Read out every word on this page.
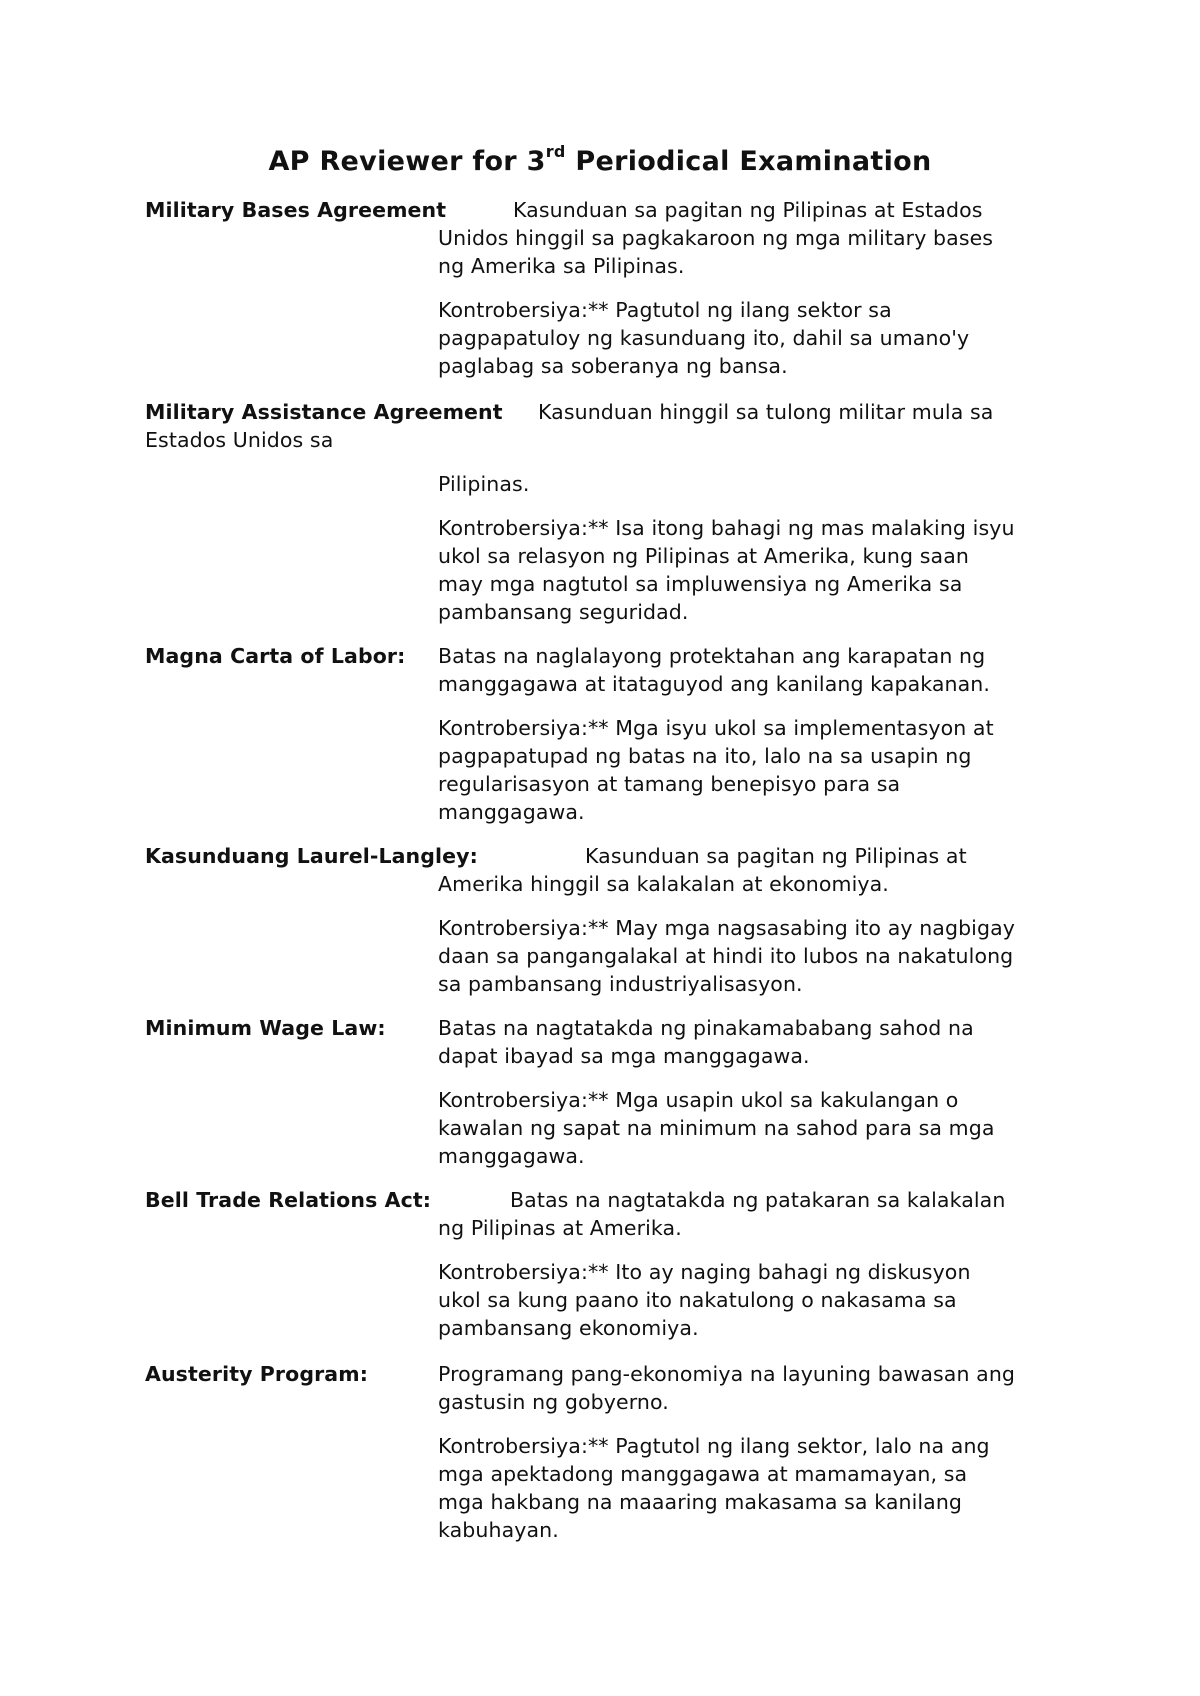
AP Reviewer for 3rd Periodical Examination
Military Bases Agreement	Kasunduan sa pagitan ng Pilipinas at Estados
Unidos hinggil sa pagkakaroon ng mga military bases
ng Amerika sa Pilipinas.
Kontrobersiya:** Pagtutol ng ilang sektor sa
pagpapatuloy ng kasunduang ito, dahil sa umano'y
paglabag sa soberanya ng bansa.
Military Assistance Agreement Kasunduan hinggil sa tulong militar mula sa
Estados Unidos sa
Pilipinas.
Kontrobersiya:** Isa itong bahagi ng mas malaking isyu
ukol sa relasyon ng Pilipinas at Amerika, kung saan
may mga nagtutol sa impluwensiya ng Amerika sa
pambansang seguridad.
Magna Carta of Labor: Batas na naglalayong protektahan ang karapatan ng
manggagawa at itataguyod ang kanilang kapakanan.
Kontrobersiya:** Mga isyu ukol sa implementasyon at
pagpapatupad ng batas na ito, lalo na sa usapin ng
regularisasyon at tamang benepisyo para sa
manggagawa.
Kasunduang Laurel-Langley:	Kasunduan sa pagitan ng Pilipinas at
Amerika hinggil sa kalakalan at ekonomiya.
Kontrobersiya:** May mga nagsasabing ito ay nagbigay
daan sa pangangalakal at hindi ito lubos na nakatulong
sa pambansang industriyalisasyon.
Minimum Wage Law:	Batas na nagtatakda ng pinakamababang sahod na
dapat ibayad sa mga manggagawa.
Kontrobersiya:** Mga usapin ukol sa kakulangan o
kawalan ng sapat na minimum na sahod para sa mga
manggagawa.
Bell Trade Relations Act:	Batas na nagtatakda ng patakaran sa kalakalan
ng Pilipinas at Amerika.
Kontrobersiya:** Ito ay naging bahagi ng diskusyon
ukol sa kung paano ito nakatulong o nakasama sa
pambansang ekonomiya.
Austerity Program:	Programang pang-ekonomiya na layuning bawasan ang
gastusin ng gobyerno.
Kontrobersiya:** Pagtutol ng ilang sektor, lalo na ang
mga apektadong manggagawa at mamamayan, sa
mga hakbang na maaaring makasama sa kanilang
kabuhayan.
